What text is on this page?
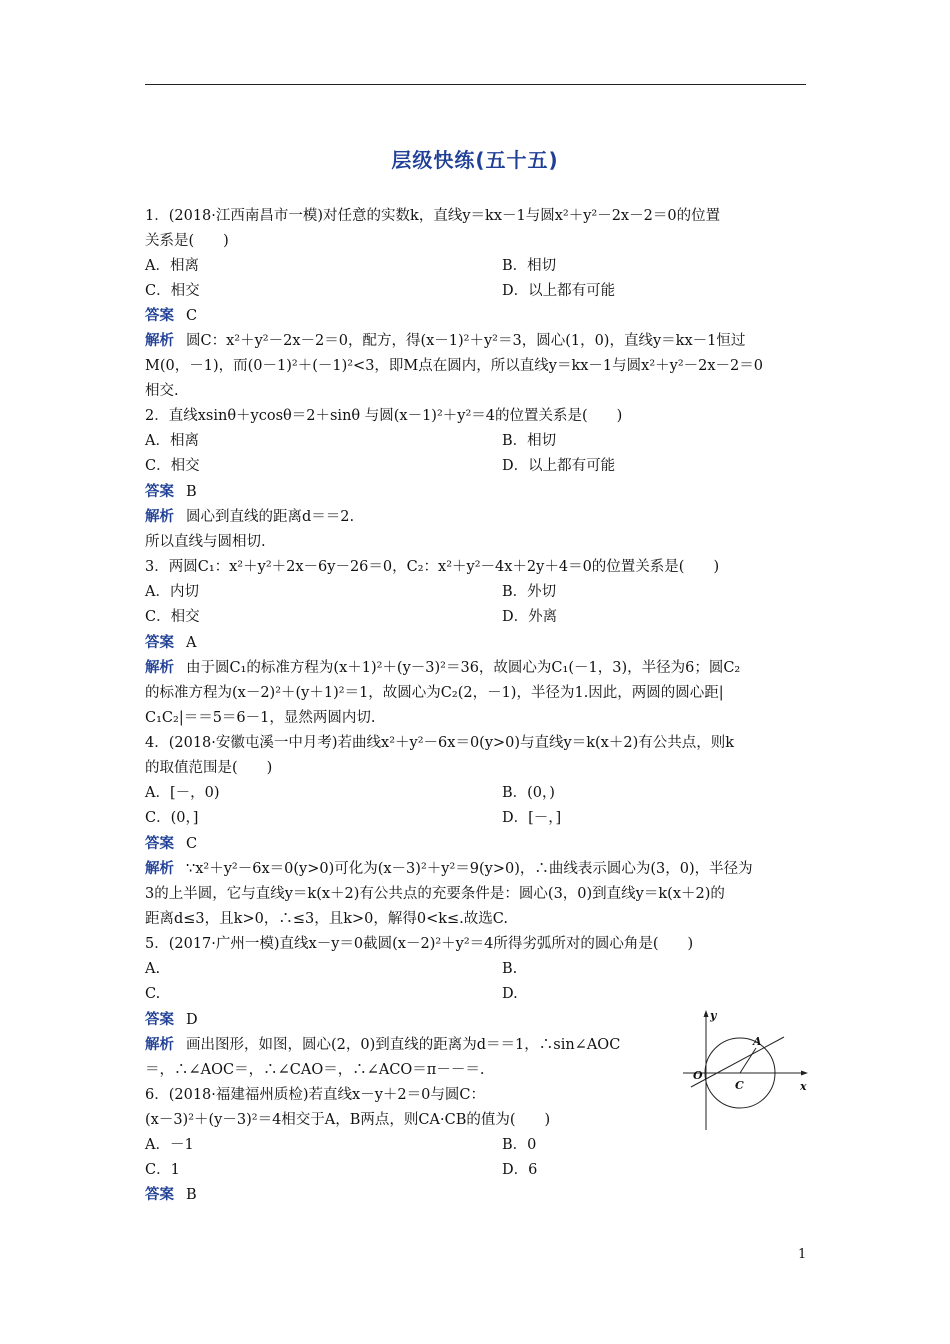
层级快练(五十五)
1．(2018·江西南昌市一模)对任意的实数k，直线y＝kx－1与圆x²＋y²－2x－2＝0的位置
关系是(　　)
A．相离	B．相切
C．相交	D．以上都有可能
答案 C
解析 圆C：x²＋y²－2x－2＝0，配方，得(x－1)²＋y²＝3，圆心(1，0)，直线y＝kx－1恒过
M(0，－1)，而(0－1)²＋(－1)²<3，即M点在圆内，所以直线y＝kx－1与圆x²＋y²－2x－2＝0
相交.
2．直线xsinθ＋ycosθ＝2＋sinθ 与圆(x－1)²＋y²＝4的位置关系是(　　)
A．相离	B．相切
C．相交	D．以上都有可能
答案 B
解析 圆心到直线的距离d＝＝2.
所以直线与圆相切.
3．两圆C₁：x²＋y²＋2x－6y－26＝0，C₂：x²＋y²－4x＋2y＋4＝0的位置关系是(　　)
A．内切	B．外切
C．相交	D．外离
答案 A
解析 由于圆C₁的标准方程为(x＋1)²＋(y－3)²＝36，故圆心为C₁(－1，3)，半径为6；圆C₂
的标准方程为(x－2)²＋(y＋1)²＝1，故圆心为C₂(2，－1)，半径为1.因此，两圆的圆心距|
C₁C₂|＝＝5＝6－1，显然两圆内切.
4．(2018·安徽屯溪一中月考)若曲线x²＋y²－6x＝0(y>0)与直线y＝k(x＋2)有公共点，则k
的取值范围是(　　)
A．[－，0)	B．(0，)
C．(0，]	D．[－，]
答案 C
解析 ∵x²＋y²－6x＝0(y>0)可化为(x－3)²＋y²＝9(y>0)，∴曲线表示圆心为(3，0)，半径为
3的上半圆，它与直线y＝k(x＋2)有公共点的充要条件是：圆心(3，0)到直线y＝k(x＋2)的
距离d≤3，且k>0，∴≤3，且k>0，解得0<k≤.故选C.
5．(2017·广州一模)直线x－y＝0截圆(x－2)²＋y²＝4所得劣弧所对的圆心角是(　　)
A.	B.
C.	D.
答案 D
解析 画出图形，如图，圆心(2，0)到直线的距离为d＝＝1，∴sin∠AOC
＝，∴∠AOC＝，∴∠CAO＝，∴∠ACO＝π－－＝.
y
x
O
A
C
6．(2018·福建福州质检)若直线x－y＋2＝0与圆C：
(x－3)²＋(y－3)²＝4相交于A，B两点，则CA·CB的值为(　　)
A．－1	B．0
C．1	D．6
答案 B
1
